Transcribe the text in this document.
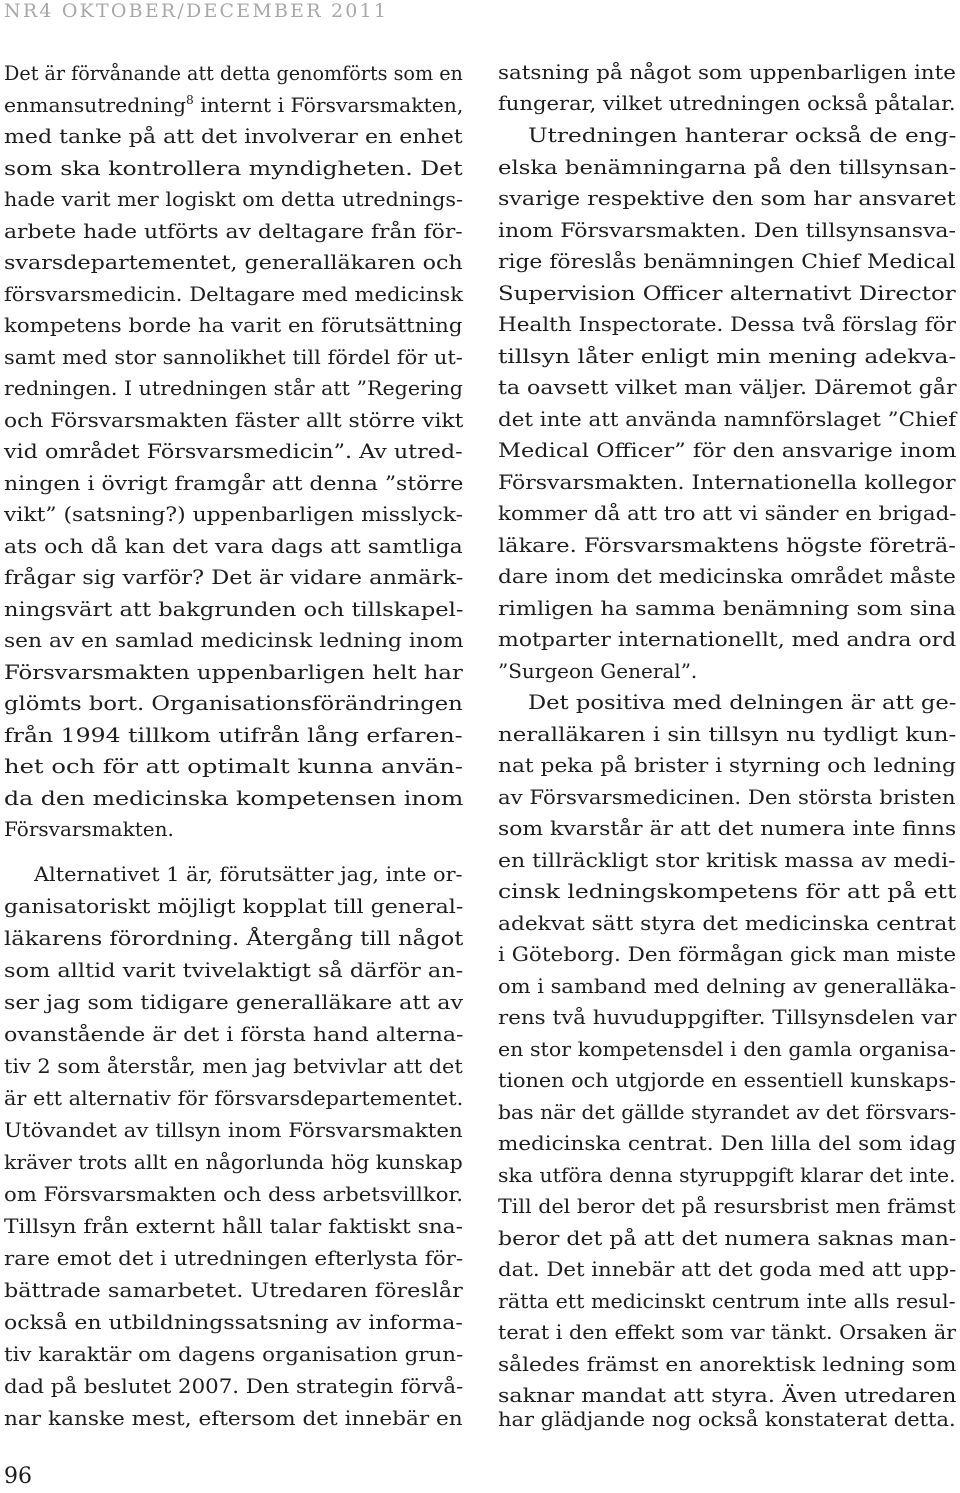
NR4 OKTOBER/DECEMBER 2011
Det är förvånande att detta genomförts som en
enmansutredning$^8$ internt i Försvarsmakten,
med tanke på att det involverar en enhet
som ska kontrollera myndigheten. Det
hade varit mer logiskt om detta utrednings-
arbete hade utförts av deltagare från för-
svarsdepartementet, generalläkaren och
försvarsmedicin. Deltagare med medicinsk
kompetens borde ha varit en förutsättning
samt med stor sannolikhet till fördel för ut-
redningen. I utredningen står att ”Regering
och Försvarsmakten fäster allt större vikt
vid området Försvarsmedicin”. Av utred-
ningen i övrigt framgår att denna ”större
vikt” (satsning?) uppenbarligen misslyck-
ats och då kan det vara dags att samtliga
frågar sig varför? Det är vidare anmärk-
ningsvärt att bakgrunden och tillskapel-
sen av en samlad medicinsk ledning inom
Försvarsmakten uppenbarligen helt har
glömts bort. Organisationsförändringen
från 1994 tillkom utifrån lång erfaren-
het och för att optimalt kunna använ-
da den medicinska kompetensen inom
Försvarsmakten.
Alternativet 1 är, förutsätter jag, inte or-
ganisatoriskt möjligt kopplat till general-
läkarens förordning. Återgång till något
som alltid varit tvivelaktigt så därför an-
ser jag som tidigare generalläkare att av
ovanstående är det i första hand alterna-
tiv 2 som återstår, men jag betvivlar att det
är ett alternativ för försvarsdepartementet.
Utövandet av tillsyn inom Försvarsmakten
kräver trots allt en någorlunda hög kunskap
om Försvarsmakten och dess arbetsvillkor.
Tillsyn från externt håll talar faktiskt sna-
rare emot det i utredningen efterlysta för-
bättrade samarbetet. Utredaren föreslår
också en utbildningssatsning av informa-
tiv karaktär om dagens organisation grun-
dad på beslutet 2007. Den strategin förvå-
nar kanske mest, eftersom det innebär en
satsning på något som uppenbarligen inte
fungerar, vilket utredningen också påtalar.
Utredningen hanterar också de eng-
elska benämningarna på den tillsynsan-
svarige respektive den som har ansvaret
inom Försvarsmakten. Den tillsynsansva-
rige föreslås benämningen Chief Medical
Supervision Officer alternativt Director
Health Inspectorate. Dessa två förslag för
tillsyn låter enligt min mening adekva-
ta oavsett vilket man väljer. Däremot går
det inte att använda namnförslaget ”Chief
Medical Officer” för den ansvarige inom
Försvarsmakten. Internationella kollegor
kommer då att tro att vi sänder en brigad-
läkare. Försvarsmaktens högste företrä-
dare inom det medicinska området måste
rimligen ha samma benämning som sina
motparter internationellt, med andra ord
”Surgeon General”.
Det positiva med delningen är att ge-
neralläkaren i sin tillsyn nu tydligt kun-
nat peka på brister i styrning och ledning
av Försvarsmedicinen. Den största bristen
som kvarstår är att det numera inte finns
en tillräckligt stor kritisk massa av medi-
cinsk ledningskompetens för att på ett
adekvat sätt styra det medicinska centrat
i Göteborg. Den förmågan gick man miste
om i samband med delning av generalläka-
rens två huvuduppgifter. Tillsynsdelen var
en stor kompetensdel i den gamla organisa-
tionen och utgjorde en essentiell kunskaps-
bas när det gällde styrandet av det försvars-
medicinska centrat. Den lilla del som idag
ska utföra denna styruppgift klarar det inte.
Till del beror det på resursbrist men främst
beror det på att det numera saknas man-
dat. Det innebär att det goda med att upp-
rätta ett medicinskt centrum inte alls resul-
terat i den effekt som var tänkt. Orsaken är
således främst en anorektisk ledning som
saknar mandat att styra. Även utredaren
har glädjande nog också konstaterat detta.
96
